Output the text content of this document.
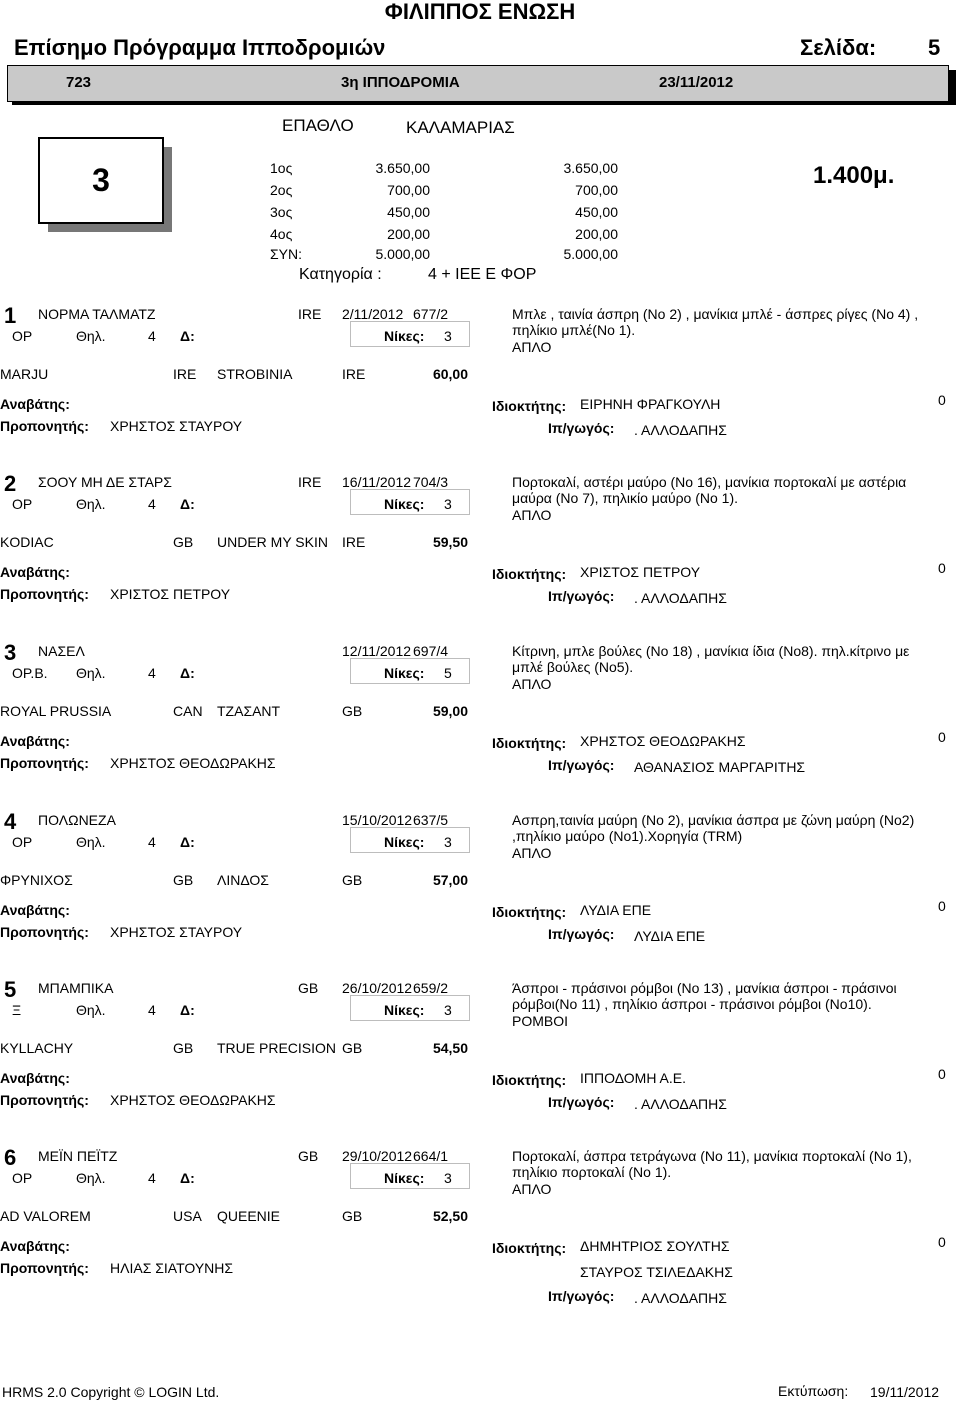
ΦΙΛΙΠΠΟΣ ΕΝΩΣΗ
Επίσημο Πρόγραμμα Ιπποδρομιών	Σελίδα: 5
723	3η ΙΠΠΟΔΡΟΜΙΑ	23/11/2012
3
ΕΠΑΘΛΟ	ΚΑΛΑΜΑΡΙΑΣ
1.400μ.
1ος	3.650,00	3.650,00
2ος	700,00	700,00
3ος	450,00	450,00
4ος	200,00	200,00
ΣΥΝ:	5.000,00	5.000,00
Κατηγορία :	4 + ΙΕΕ Ε ΦΟΡ
1 ΝΟΡΜΑ ΤΑΛΜΑΤΖ	IRE 2/11/2012 677/2
ΟΡ	Θηλ.	4 Δ:	Νίκες: 3
Μπλε , ταινία άσπρη (Νο 2) , μανίκια μπλέ - άσπρες ρίγες (Νο 4) ,
πηλίκιο μπλέ(Νο 1).
ΑΠΛΟ
MARJU	IRE STROBINIA	IRE	60,00
Αναβάτης:
Προπονητής: ΧΡΗΣΤΟΣ ΣΤΑΥΡΟΥ
Ιδιοκτήτης: ΕΙΡΗΝΗ ΦΡΑΓΚΟΥΛΗ
Ιπ/γωγός: . ΑΛΛΟΔΑΠΗΣ
0
2 ΣΟΟΥ ΜΗ ΔΕ ΣΤΑΡΣ	IRE 16/11/2012 704/3
ΟΡ	Θηλ.	4 Δ:	Νίκες: 3
Πορτοκαλί, αστέρι μαύρο (Νο 16), μανίκια πορτοκαλί με αστέρια
μαύρα (Νο 7), πηλικίο μαύρο (Νο 1).
ΑΠΛΟ
KODIAC	GB UNDER MY SKIN IRE	59,50
Αναβάτης:
Προπονητής: ΧΡΙΣΤΟΣ ΠΕΤΡΟΥ
Ιδιοκτήτης: ΧΡΙΣΤΟΣ ΠΕΤΡΟΥ
Ιπ/γωγός: . ΑΛΛΟΔΑΠΗΣ
0
3 ΝΑΣΕΛ	12/11/2012 697/4
ΟΡ.Β. Θηλ.	4 Δ:	Νίκες: 5
Κίτρινη, μπλε βούλες (Νο 18) , μανίκια ίδια (Νο8). πηλ.κίτρινο με
μπλέ βούλες (Νο5).
ΑΠΛΟ
ROYAL PRUSSIA	CAN ΤΖΑΣΑΝΤ	GB	59,00
Αναβάτης:
Προπονητής: ΧΡΗΣΤΟΣ ΘΕΟΔΩΡΑΚΗΣ
Ιδιοκτήτης: ΧΡΗΣΤΟΣ ΘΕΟΔΩΡΑΚΗΣ
Ιπ/γωγός: ΑΘΑΝΑΣΙΟΣ ΜΑΡΓΑΡΙΤΗΣ
0
4 ΠΟΛΩΝΕΖΑ	15/10/2012 637/5
ΟΡ	Θηλ.	4 Δ:	Νίκες: 3
Ασπρη,ταινία μαύρη (Νο 2), μανίκια άσπρα με ζώνη μαύρη (Νο2)
,πηλίκιο μαύρο (Νο1).Χορηγία (TRM)
ΑΠΛΟ
ΦΡΥΝΙΧΟΣ	GB ΛΙΝΔΟΣ	GB	57,00
Αναβάτης:
Προπονητής: ΧΡΗΣΤΟΣ ΣΤΑΥΡΟΥ
Ιδιοκτήτης: ΛΥΔΙΑ ΕΠΕ
Ιπ/γωγός: ΛΥΔΙΑ ΕΠΕ
0
5 ΜΠΑΜΠΙΚΑ	GB 26/10/2012 659/2
Ξ	Θηλ.	4 Δ:	Νίκες: 3
Άσπροι - πράσινοι ρόμβοι (Νο 13) , μανίκια άσπροι - πράσινοι
ρόμβοι(Νο 11) , πηλίκιο άσπροι - πράσινοι ρόμβοι (Νο10).
ΡΟΜΒΟΙ
KYLLACHY	GB TRUE PRECISION GB	54,50
Αναβάτης:
Προπονητής: ΧΡΗΣΤΟΣ ΘΕΟΔΩΡΑΚΗΣ
Ιδιοκτήτης: ΙΠΠΟΔΟΜΗ Α.Ε.
Ιπ/γωγός: . ΑΛΛΟΔΑΠΗΣ
0
6 ΜΕΪΝ ΠΕΪΤΖ	GB 29/10/2012 664/1
ΟΡ	Θηλ.	4 Δ:	Νίκες: 3
Πορτοκαλί, άσπρα τετράγωνα (Νο 11), μανίκια πορτοκαλί (Νο 1),
πηλίκιο πορτοκαλί (Νο 1).
ΑΠΛΟ
AD VALOREM	USA QUEENIE	GB	52,50
Αναβάτης:
Προπονητής: ΗΛΙΑΣ ΣΙΑΤΟΥΝΗΣ
Ιδιοκτήτης: ΔΗΜΗΤΡΙΟΣ ΣΟΥΛΤΗΣ
ΣΤΑΥΡΟΣ ΤΣΙΛΕΔΑΚΗΣ
Ιπ/γωγός: . ΑΛΛΟΔΑΠΗΣ
0
HRMS 2.0 Copyright © LOGIN Ltd.	Εκτύπωση: 19/11/2012
